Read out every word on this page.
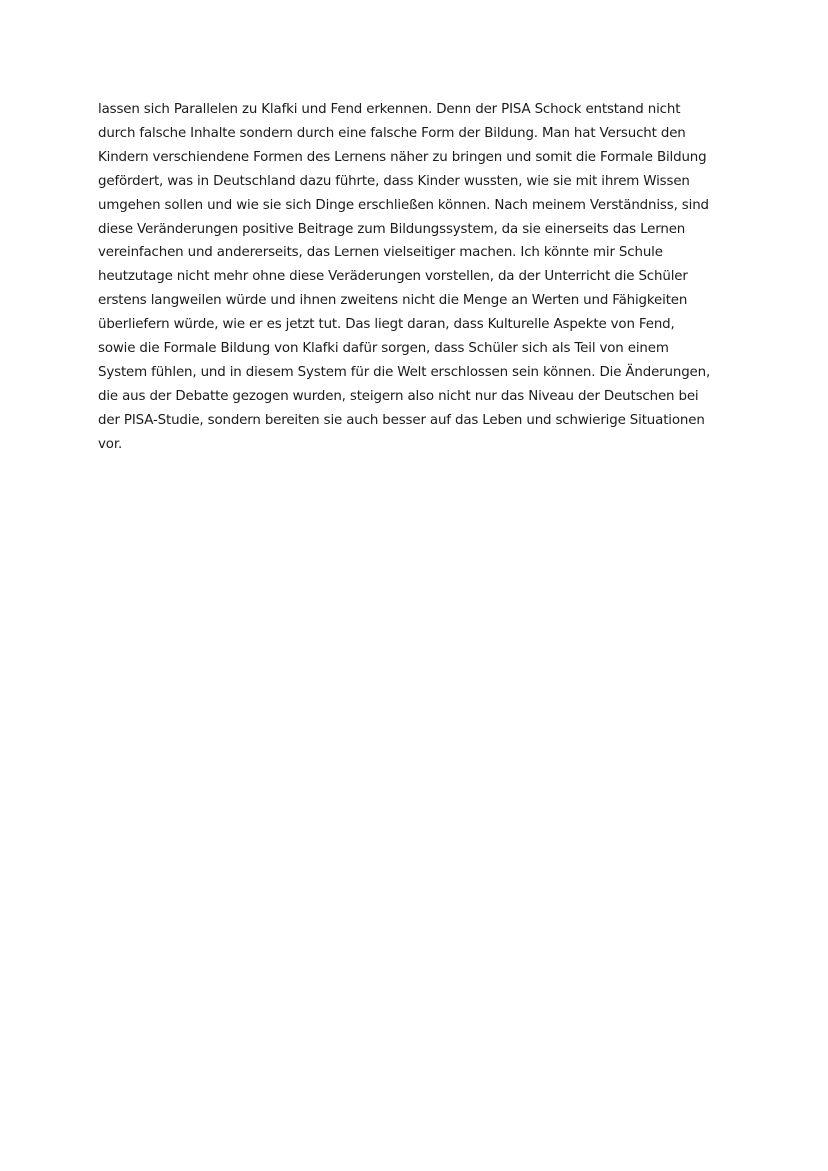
lassen sich Parallelen zu Klafki und Fend erkennen. Denn der PISA Schock entstand nicht
durch falsche Inhalte sondern durch eine falsche Form der Bildung. Man hat Versucht den
Kindern verschiendene Formen des Lernens näher zu bringen und somit die Formale Bildung
gefördert, was in Deutschland dazu führte, dass Kinder wussten, wie sie mit ihrem Wissen
umgehen sollen und wie sie sich Dinge erschließen können. Nach meinem Verständniss, sind
diese Veränderungen positive Beitrage zum Bildungssystem, da sie einerseits das Lernen
vereinfachen und andererseits, das Lernen vielseitiger machen. Ich könnte mir Schule
heutzutage nicht mehr ohne diese Veräderungen vorstellen, da der Unterricht die Schüler
erstens langweilen würde und ihnen zweitens nicht die Menge an Werten und Fähigkeiten
überliefern würde, wie er es jetzt tut. Das liegt daran, dass Kulturelle Aspekte von Fend,
sowie die Formale Bildung von Klafki dafür sorgen, dass Schüler sich als Teil von einem
System fühlen, und in diesem System für die Welt erschlossen sein können. Die Änderungen,
die aus der Debatte gezogen wurden, steigern also nicht nur das Niveau der Deutschen bei
der PISA-Studie, sondern bereiten sie auch besser auf das Leben und schwierige Situationen
vor.
